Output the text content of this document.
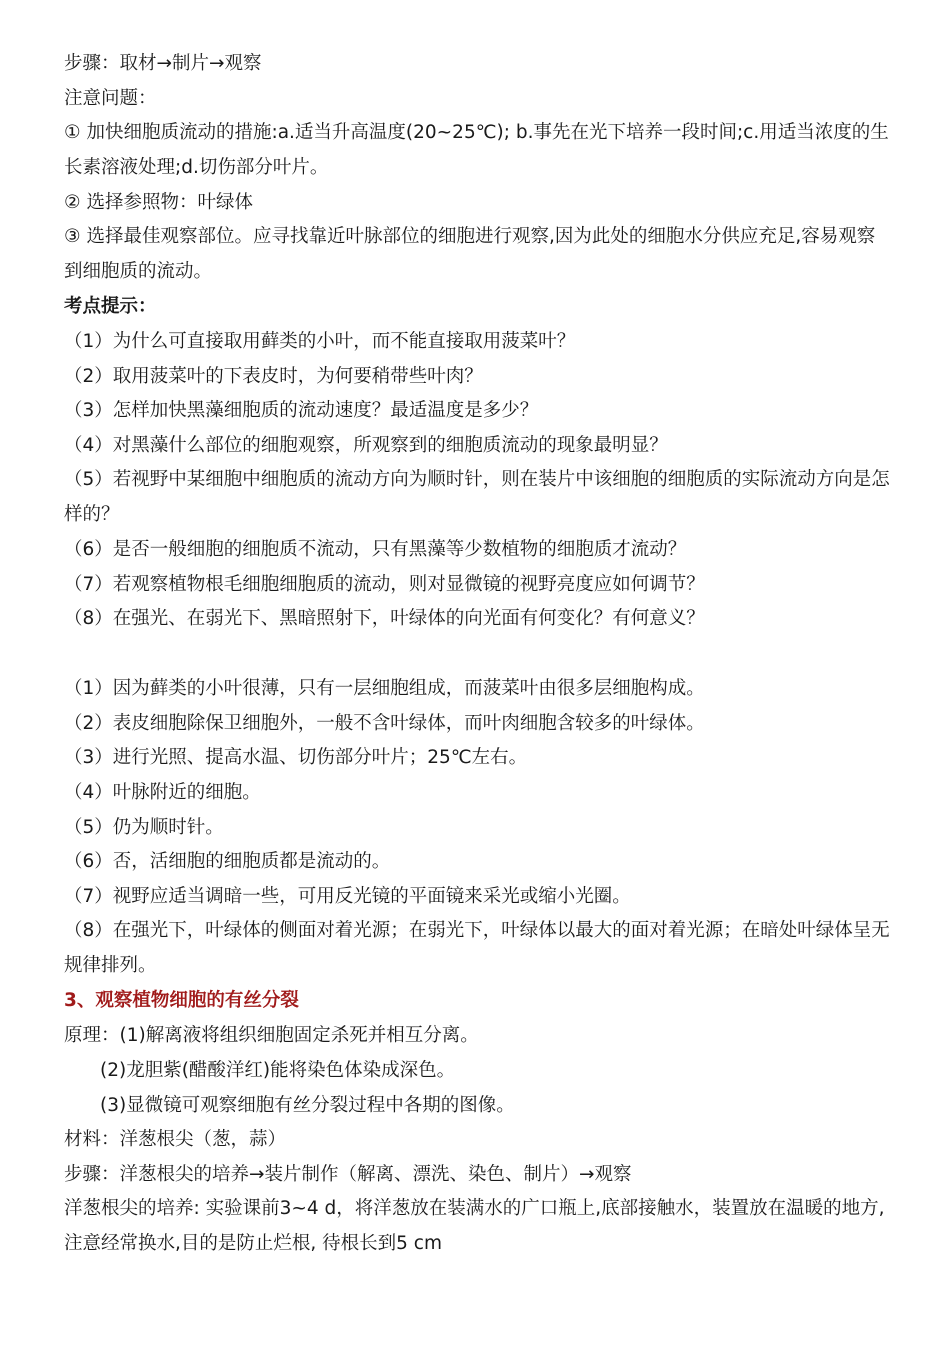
步骤：取材→制片→观察
注意问题：
① 加快细胞质流动的措施:a.适当升高温度(20~25℃); b.事先在光下培养一段时间;c.用适当浓度的生长素溶液处理;d.切伤部分叶片。
② 选择参照物：叶绿体
③ 选择最佳观察部位。应寻找靠近叶脉部位的细胞进行观察,因为此处的细胞水分供应充足,容易观察到细胞质的流动。
考点提示：
（1）为什么可直接取用藓类的小叶，而不能直接取用菠菜叶？
（2）取用菠菜叶的下表皮时，为何要稍带些叶肉？
（3）怎样加快黑藻细胞质的流动速度？最适温度是多少？
（4）对黑藻什么部位的细胞观察，所观察到的细胞质流动的现象最明显？
（5）若视野中某细胞中细胞质的流动方向为顺时针，则在装片中该细胞的细胞质的实际流动方向是怎样的？
（6）是否一般细胞的细胞质不流动，只有黑藻等少数植物的细胞质才流动？
（7）若观察植物根毛细胞细胞质的流动，则对显微镜的视野亮度应如何调节？
（8）在强光、在弱光下、黑暗照射下，叶绿体的向光面有何变化？有何意义？
（1）因为藓类的小叶很薄，只有一层细胞组成，而菠菜叶由很多层细胞构成。
（2）表皮细胞除保卫细胞外，一般不含叶绿体，而叶肉细胞含较多的叶绿体。
（3）进行光照、提高水温、切伤部分叶片；25℃左右。
（4）叶脉附近的细胞。
（5）仍为顺时针。
（6）否，活细胞的细胞质都是流动的。
（7）视野应适当调暗一些，可用反光镜的平面镜来采光或缩小光圈。
（8）在强光下，叶绿体的侧面对着光源；在弱光下，叶绿体以最大的面对着光源；在暗处叶绿体呈无规律排列。
3、观察植物细胞的有丝分裂
原理：(1)解离液将组织细胞固定杀死并相互分离。
(2)龙胆紫(醋酸洋红)能将染色体染成深色。
(3)显微镜可观察细胞有丝分裂过程中各期的图像。
材料：洋葱根尖（葱，蒜）
步骤：洋葱根尖的培养→装片制作（解离、漂洗、染色、制片）→观察
洋葱根尖的培养: 实验课前3~4 d，将洋葱放在装满水的广口瓶上,底部接触水，装置放在温暖的地方,注意经常换水,目的是防止烂根, 待根长到5 cm
